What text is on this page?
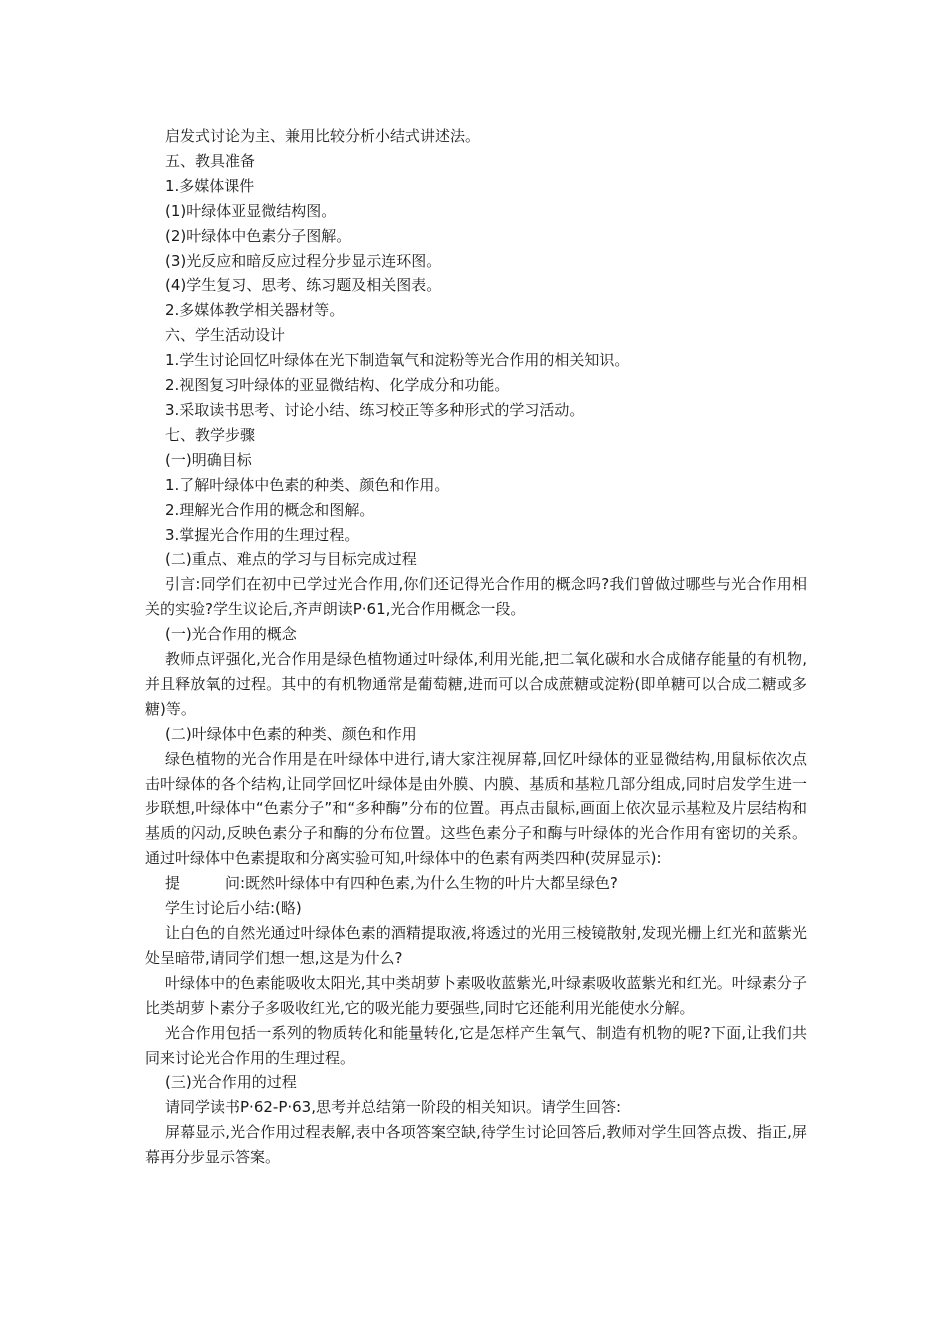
启发式讨论为主、兼用比较分析小结式讲述法。

五、教具准备

1.多媒体课件

(1)叶绿体亚显微结构图。

(2)叶绿体中色素分子图解。

(3)光反应和暗反应过程分步显示连环图。

(4)学生复习、思考、练习题及相关图表。

2.多媒体教学相关器材等。

六、学生活动设计

1.学生讨论回忆叶绿体在光下制造氧气和淀粉等光合作用的相关知识。

2.视图复习叶绿体的亚显微结构、化学成分和功能。

3.采取读书思考、讨论小结、练习校正等多种形式的学习活动。

七、教学步骤

(一)明确目标

1.了解叶绿体中色素的种类、颜色和作用。

2.理解光合作用的概念和图解。

3.掌握光合作用的生理过程。

(二)重点、难点的学习与目标完成过程

引言:同学们在初中已学过光合作用,你们还记得光合作用的概念吗?我们曾做过哪些与光合作用相关的实验?学生议论后,齐声朗读P·61,光合作用概念一段。

(一)光合作用的概念

教师点评强化,光合作用是绿色植物通过叶绿体,利用光能,把二氧化碳和水合成储存能量的有机物,并且释放氧的过程。其中的有机物通常是葡萄糖,进而可以合成蔗糖或淀粉(即单糖可以合成二糖或多糖)等。

(二)叶绿体中色素的种类、颜色和作用

绿色植物的光合作用是在叶绿体中进行,请大家注视屏幕,回忆叶绿体的亚显微结构,用鼠标依次点击叶绿体的各个结构,让同学回忆叶绿体是由外膜、内膜、基质和基粒几部分组成,同时启发学生进一步联想,叶绿体中“色素分子”和“多种酶”分布的位置。再点击鼠标,画面上依次显示基粒及片层结构和基质的闪动,反映色素分子和酶的分布位置。这些色素分子和酶与叶绿体的光合作用有密切的关系。通过叶绿体中色素提取和分离实验可知,叶绿体中的色素有两类四种(荧屏显示):

提　　　问:既然叶绿体中有四种色素,为什么生物的叶片大都呈绿色?

学生讨论后小结:(略)

让白色的自然光通过叶绿体色素的酒精提取液,将透过的光用三棱镜散射,发现光栅上红光和蓝紫光处呈暗带,请同学们想一想,这是为什么?

叶绿体中的色素能吸收太阳光,其中类胡萝卜素吸收蓝紫光,叶绿素吸收蓝紫光和红光。叶绿素分子比类胡萝卜素分子多吸收红光,它的吸光能力要强些,同时它还能利用光能使水分解。

光合作用包括一系列的物质转化和能量转化,它是怎样产生氧气、制造有机物的呢?下面,让我们共同来讨论光合作用的生理过程。

(三)光合作用的过程

请同学读书P·62-P·63,思考并总结第一阶段的相关知识。请学生回答:

屏幕显示,光合作用过程表解,表中各项答案空缺,待学生讨论回答后,教师对学生回答点拨、指正,屏幕再分步显示答案。
